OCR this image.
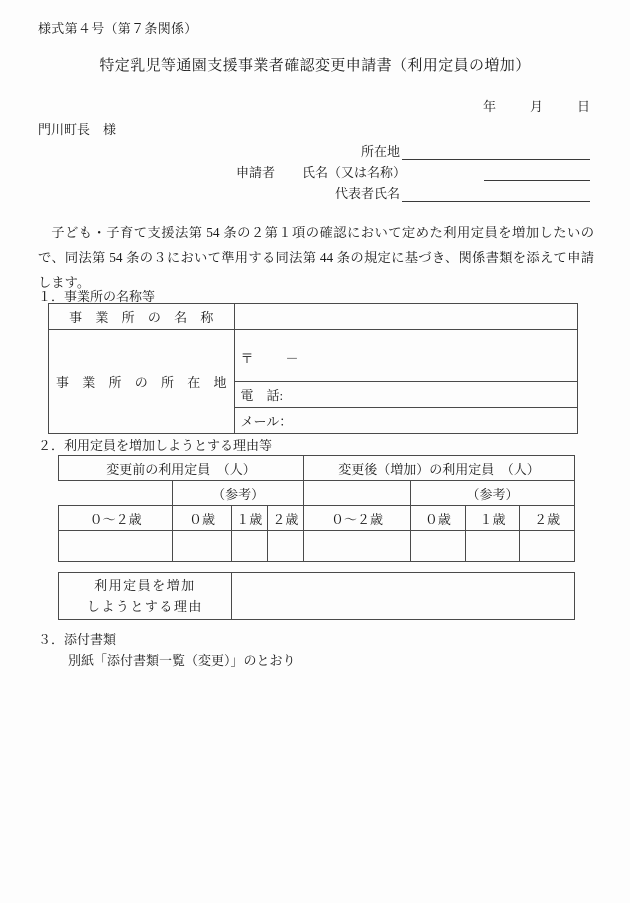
様式第４号（第７条関係）
特定乳児等通園支援事業者確認変更申請書（利用定員の増加）
年	月	日
門川町長　様
所在地
申請者	氏名（又は名称）
代表者氏名
子ども・子育て支援法第 54 条の２第１項の確認において定めた利用定員を増加したいので、同法第 54 条の３において準用する同法第 44 条の規定に基づき、関係書類を添えて申請します。
１．事業所の名称等
事 業 所 の 名 称	
事 業 所 の 所 在 地	〒 －

	電　話:
	メール：
２．利用定員を増加しようとする理由等
変更前の利用定員　（人）				変更後（増加）の利用定員　（人）			
	（参考）				（参考）		
０〜２歳	０歳	１歳	２歳	０〜２歳	０歳	１歳	２歳

利用定員を増加
しようとする理由							

３．添付書類
別紙「添付書類一覧（変更）」のとおり
